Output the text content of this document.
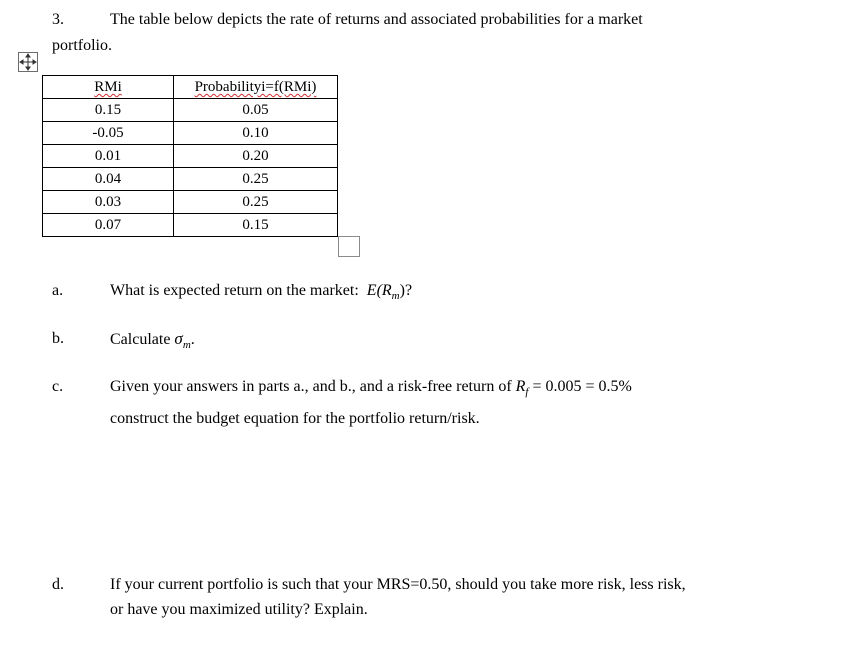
3.	The table below depicts the rate of returns and associated probabilities for a market
portfolio.
RMi	Probabilityi=f(RMi)
0.15	0.05
-0.05	0.10
0.01	0.20
0.04	0.25
0.03	0.25
0.07	0.15
a.	What is expected return on the market: $E(R_m)$?
b.	Calculate $\sigma_m$.
c.	Given your answers in parts a., and b., and a risk-free return of $R_f = 0.005 = 0.5\%$
construct the budget equation for the portfolio return/risk.
d.	If your current portfolio is such that your MRS=0.50, should you take more risk, less risk,
or have you maximized utility? Explain.
